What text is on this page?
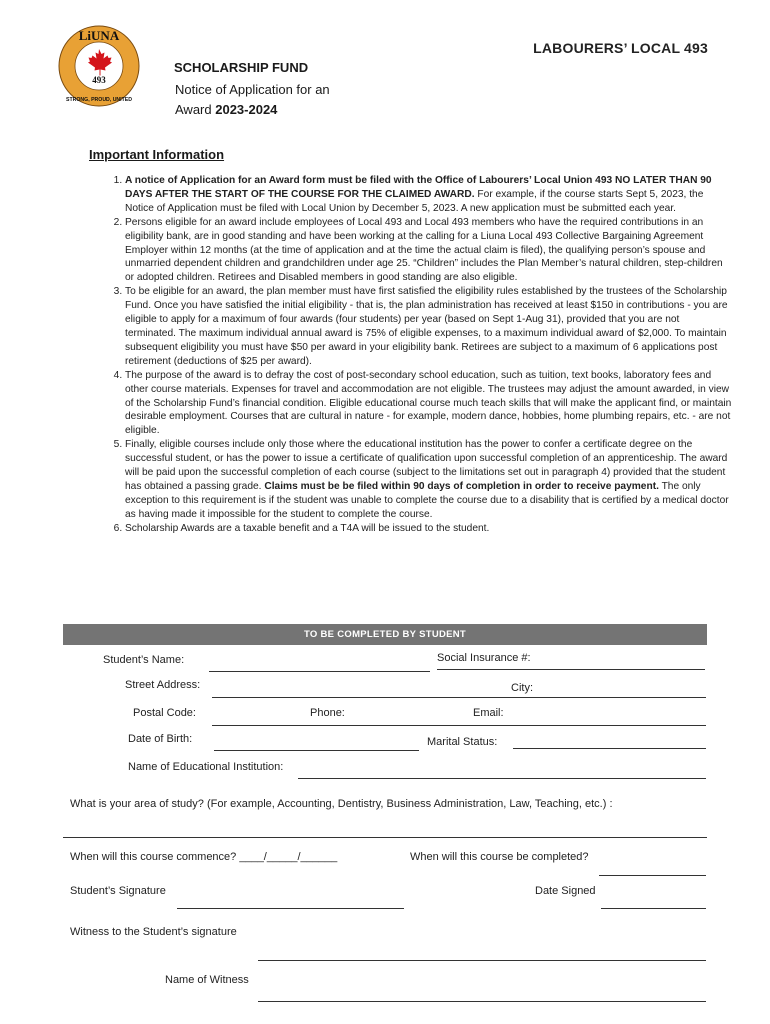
493
LiUNA
STRONG, PROUD, UNITED
LABOURERS’ LOCAL 493
SCHOLARSHIP FUND
Notice of Application for an
Award 2023-2024
Important Information
1. A notice of Application for an Award form must be filed with the Office of Labourers’ Local Union 493 NO LATER THAN 90 DAYS AFTER THE START OF THE COURSE FOR THE CLAIMED AWARD. For example, if the course starts Sept 5, 2023, the Notice of Application must be filed with Local Union by December 5, 2023. A new application must be submitted each year.
2. Persons eligible for an award include employees of Local 493 and Local 493 members who have the required contributions in an eligibility bank, are in good standing and have been working at the calling for a Liuna Local 493 Collective Bargaining Agreement Employer within 12 months (at the time of application and at the time the actual claim is filed), the qualifying person’s spouse and unmarried dependent children and grandchildren under age 25. “Children” includes the Plan Member’s natural children, step-children or adopted children. Retirees and Disabled members in good standing are also eligible.
3. To be eligible for an award, the plan member must have first satisfied the eligibility rules established by the trustees of the Scholarship Fund. Once you have satisfied the initial eligibility - that is, the plan administration has received at least $150 in contributions - you are eligible to apply for a maximum of four awards (four students) per year (based on Sept 1-Aug 31), provided that you are not terminated. The maximum individual annual award is 75% of eligible expenses, to a maximum individual award of $2,000. To maintain subsequent eligibility you must have $50 per award in your eligibility bank. Retirees are subject to a maximum of 6 applications post retirement (deductions of $25 per award).
4. The purpose of the award is to defray the cost of post-secondary school education, such as tuition, text books, laboratory fees and other course materials. Expenses for travel and accommodation are not eligible. The trustees may adjust the amount awarded, in view of the Scholarship Fund’s financial condition. Eligible educational course much teach skills that will make the applicant find, or maintain desirable employment. Courses that are cultural in nature - for example, modern dance, hobbies, home plumbing repairs, etc. - are not eligible.
5. Finally, eligible courses include only those where the educational institution has the power to confer a certificate degree on the successful student, or has the power to issue a certificate of qualification upon successful completion of an apprenticeship. The award will be paid upon the successful completion of each course (subject to the limitations set out in paragraph 4) provided that the student has obtained a passing grade. Claims must be be filed within 90 days of completion in order to receive payment. The only exception to this requirement is if the student was unable to complete the course due to a disability that is certified by a medical doctor as having made it impossible for the student to complete the course.
6. Scholarship Awards are a taxable benefit and a T4A will be issued to the student.
TO BE COMPLETED BY STUDENT
Student’s Name:	Social Insurance #:
Street Address:	City:
Postal Code:	Phone:	Email:
Date of Birth:	Marital Status:
Name of Educational Institution:
What is your area of study? (For example, Accounting, Dentistry, Business Administration, Law, Teaching, etc.) :
When will this course commence? ____/_____/______	When will this course be completed?
Student’s Signature	Date Signed
Witness to the Student’s signature
Name of Witness
